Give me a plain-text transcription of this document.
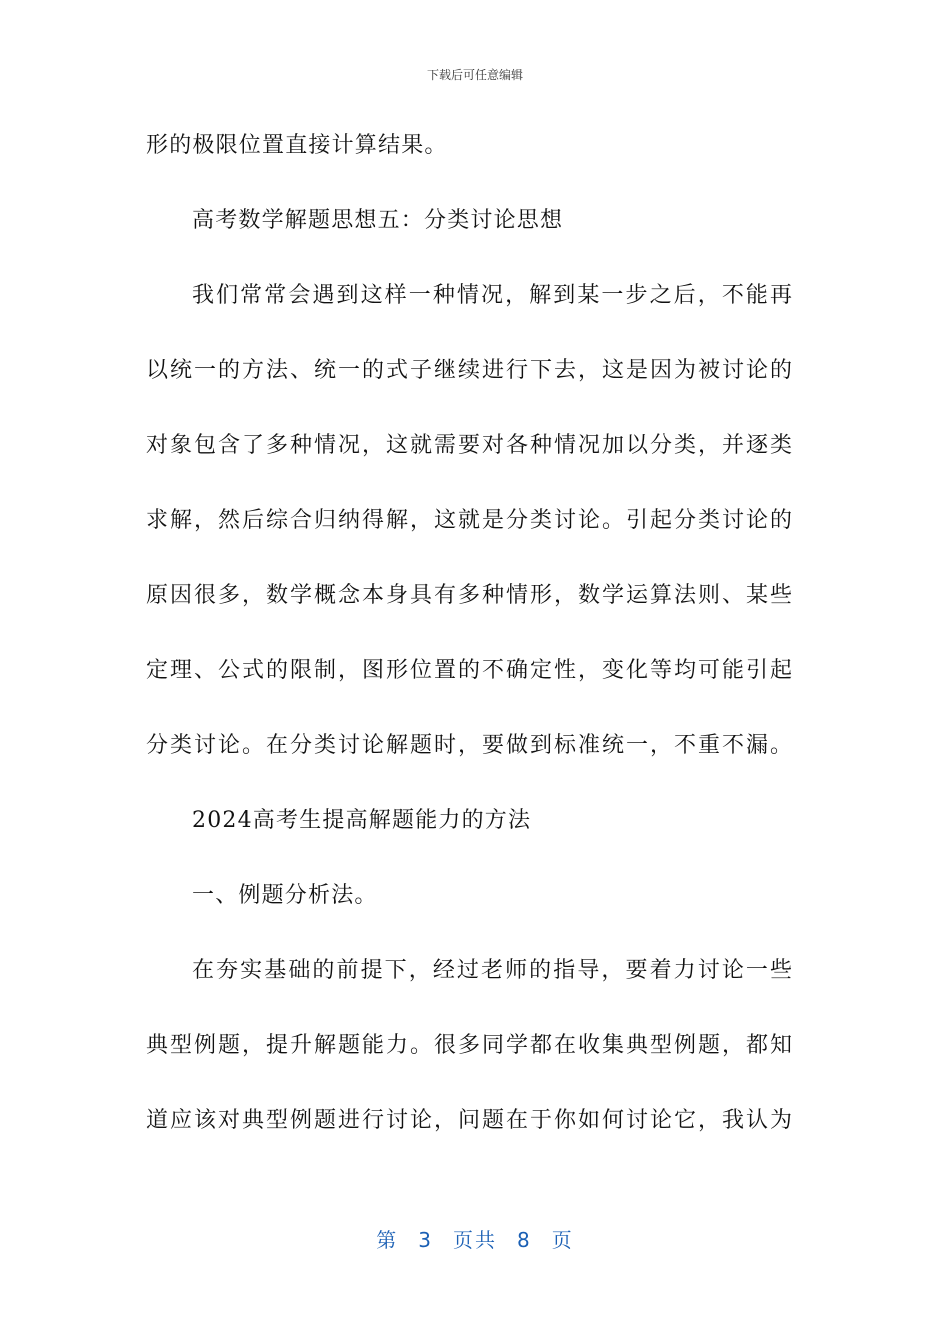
下载后可任意编辑
形的极限位置直接计算结果。
高考数学解题思想五：分类讨论思想
我们常常会遇到这样一种情况，解到某一步之后，不能再
以统一的方法、统一的式子继续进行下去，这是因为被讨论的
对象包含了多种情况，这就需要对各种情况加以分类，并逐类
求解，然后综合归纳得解，这就是分类讨论。引起分类讨论的
原因很多，数学概念本身具有多种情形，数学运算法则、某些
定理、公式的限制，图形位置的不确定性，变化等均可能引起
分类讨论。在分类讨论解题时，要做到标准统一，不重不漏。
2024高考生提高解题能力的方法
一、例题分析法。
在夯实基础的前提下，经过老师的指导，要着力讨论一些
典型例题，提升解题能力。很多同学都在收集典型例题，都知
道应该对典型例题进行讨论，问题在于你如何讨论它，我认为
第 3 页共 8 页
